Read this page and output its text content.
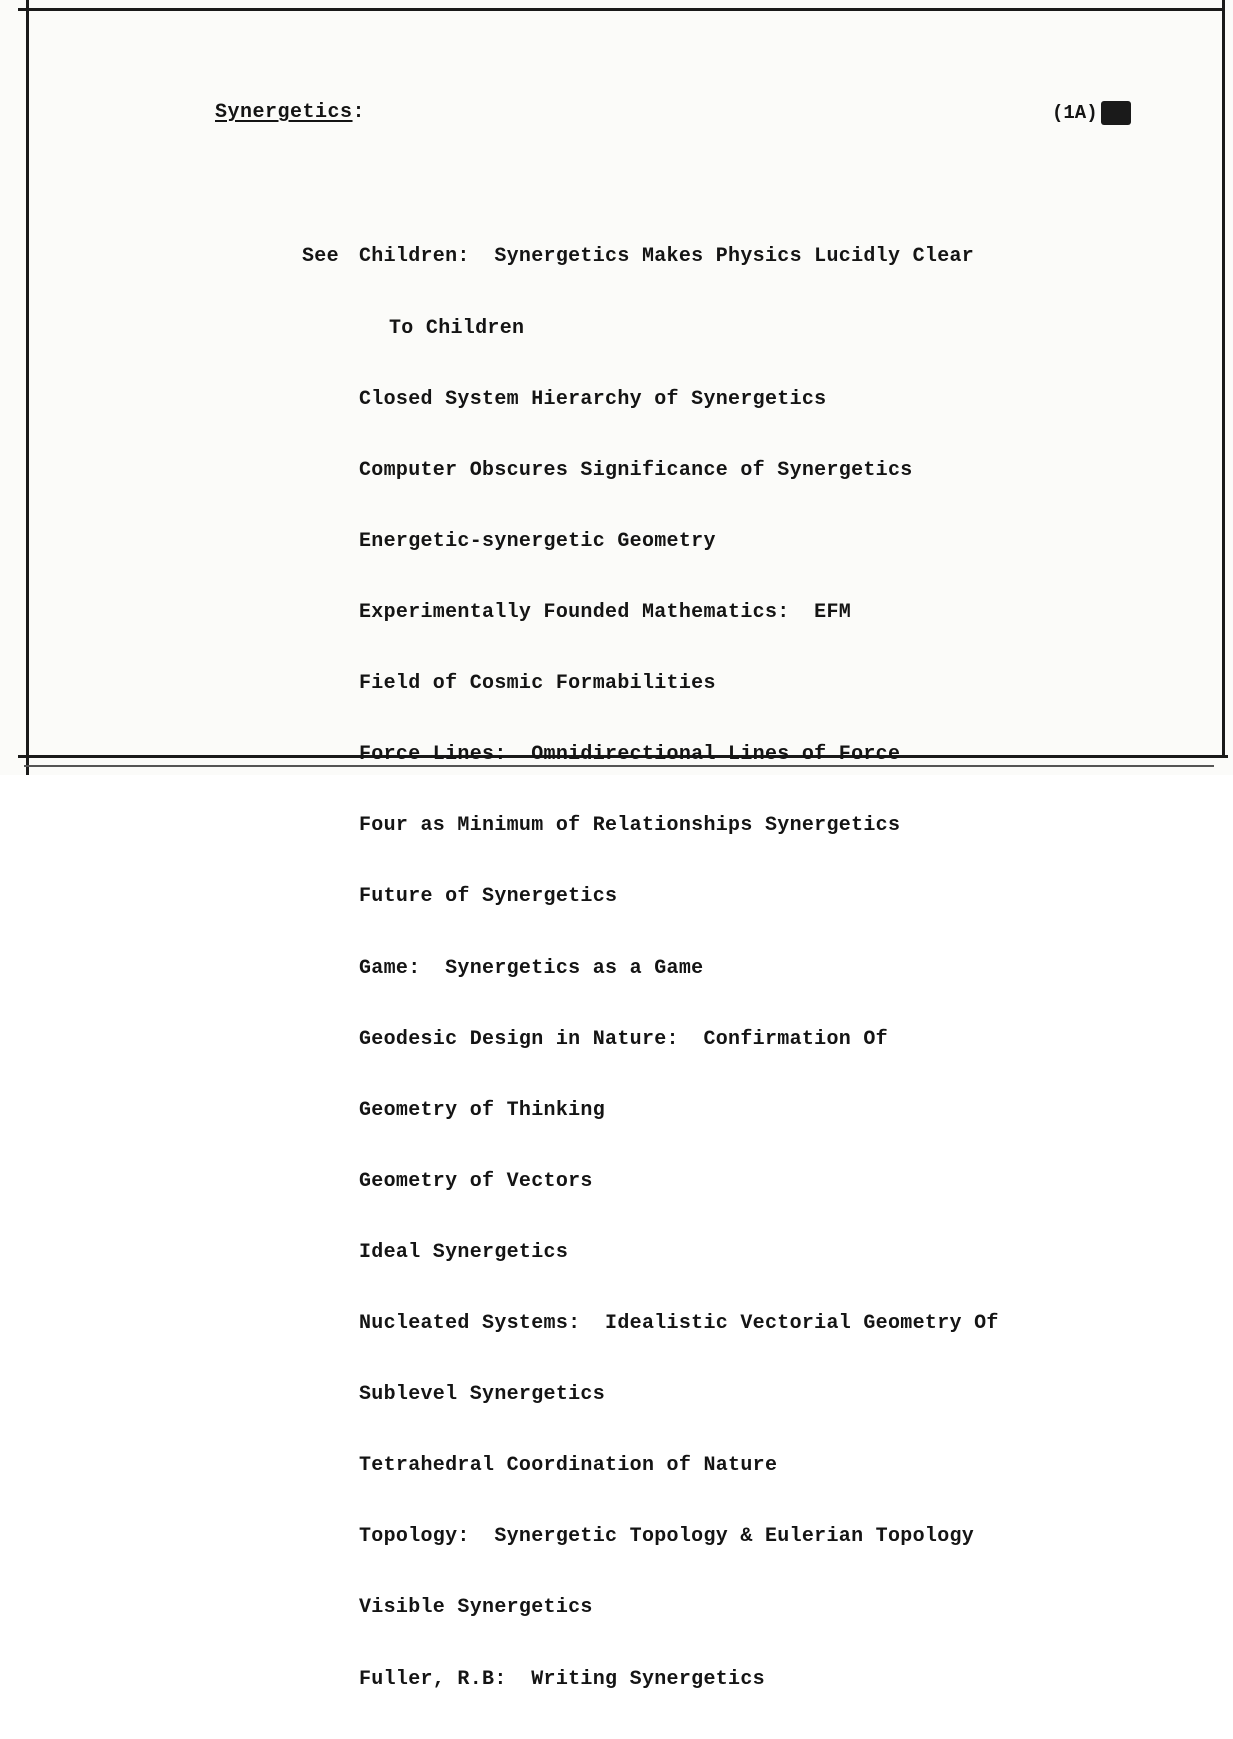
Synergetics:	(1A)

See	Children:  Synergetics Makes Physics Lucidly Clear

To Children

Closed System Hierarchy of Synergetics

Computer Obscures Significance of Synergetics

Energetic-synergetic Geometry

Experimentally Founded Mathematics:  EFM

Field of Cosmic Formabilities

Force Lines:  Omnidirectional Lines of Force

Four as Minimum of Relationships Synergetics

Future of Synergetics

Game:  Synergetics as a Game

Geodesic Design in Nature:  Confirmation Of

Geometry of Thinking

Geometry of Vectors

Ideal Synergetics

Nucleated Systems:  Idealistic Vectorial Geometry Of

Sublevel Synergetics

Tetrahedral Coordination of Nature

Topology:  Synergetic Topology & Eulerian Topology

Visible Synergetics

Fuller, R.B:  Writing Synergetics
